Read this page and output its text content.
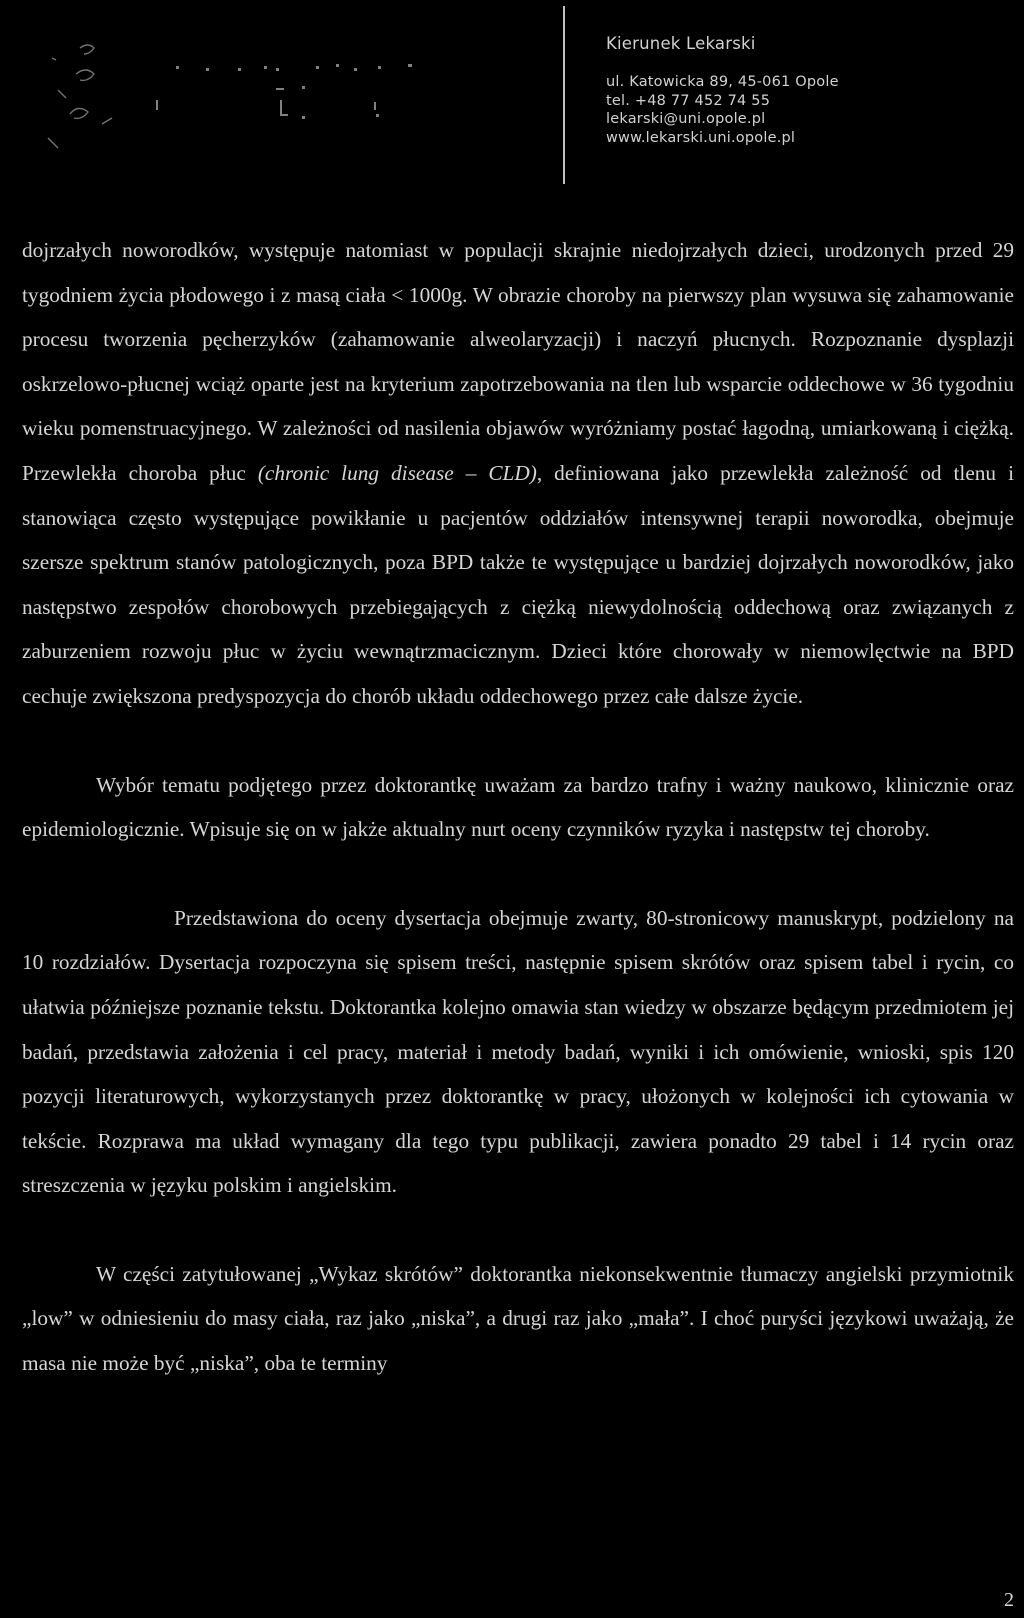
Kierunek Lekarski
ul. Katowicka 89, 45-061 Opole
tel. +48 77 452 74 55
lekarski@uni.opole.pl
www.lekarski.uni.opole.pl

dojrzałych noworodków, występuje natomiast w populacji skrajnie niedojrzałych dzieci, urodzonych przed 29 tygodniem życia płodowego i z masą ciała < 1000g. W obrazie choroby na pierwszy plan wysuwa się zahamowanie procesu tworzenia pęcherzyków (zahamowanie alweolaryzacji) i naczyń płucnych. Rozpoznanie dysplazji oskrzelowo-płucnej wciąż oparte jest na kryterium zapotrzebowania na tlen lub wsparcie oddechowe w 36 tygodniu wieku pomenstruacyjnego. W zależności od nasilenia objawów wyróżniamy postać łagodną, umiarkowaną i ciężką. Przewlekła choroba płuc (chronic lung disease – CLD), definiowana jako przewlekła zależność od tlenu i stanowiąca często występujące powikłanie u pacjentów oddziałów intensywnej terapii noworodka, obejmuje szersze spektrum stanów patologicznych, poza BPD także te występujące u bardziej dojrzałych noworodków, jako następstwo zespołów chorobowych przebiegających z ciężką niewydolnością oddechową oraz związanych z zaburzeniem rozwoju płuc w życiu wewnątrzmacicznym. Dzieci które chorowały w niemowlęctwie na BPD cechuje zwiększona predyspozycja do chorób układu oddechowego przez całe dalsze życie.

Wybór tematu podjętego przez doktorantkę uważam za bardzo trafny i ważny naukowo, klinicznie oraz epidemiologicznie. Wpisuje się on w jakże aktualny nurt oceny czynników ryzyka i następstw tej choroby.

Przedstawiona do oceny dysertacja obejmuje zwarty, 80-stronicowy manuskrypt, podzielony na 10 rozdziałów. Dysertacja rozpoczyna się spisem treści, następnie spisem skrótów oraz spisem tabel i rycin, co ułatwia późniejsze poznanie tekstu. Doktorantka kolejno omawia stan wiedzy w obszarze będącym przedmiotem jej badań, przedstawia założenia i cel pracy, materiał i metody badań, wyniki i ich omówienie, wnioski, spis 120 pozycji literaturowych, wykorzystanych przez doktorantkę w pracy, ułożonych w kolejności ich cytowania w tekście. Rozprawa ma układ wymagany dla tego typu publikacji, zawiera ponadto 29 tabel i 14 rycin oraz streszczenia w języku polskim i angielskim.

W części zatytułowanej „Wykaz skrótów” doktorantka niekonsekwentnie tłumaczy angielski przymiotnik „low” w odniesieniu do masy ciała, raz jako „niska”, a drugi raz jako „mała”. I choć puryści językowi uważają, że masa nie może być „niska”, oba te terminy

2
